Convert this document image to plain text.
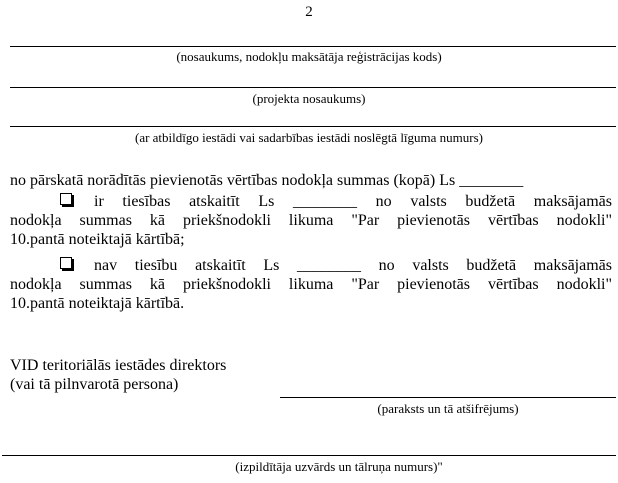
2
(nosaukums, nodokļu maksātāja reģistrācijas kods)
(projekta nosaukums)
(ar atbildīgo iestādi vai sadarbības iestādi noslēgtā līguma numurs)
no pārskatā norādītās pievienotās vērtības nodokļa summas (kopā) Ls ________
ir tiesības atskaitīt Ls ________ no valsts budžetā maksājamās
nodokļa summas kā priekšnodokli likuma "Par pievienotās vērtības nodokli"
10.pantā noteiktajā kārtībā;
nav tiesību atskaitīt Ls ________ no valsts budžetā maksājamās
nodokļa summas kā priekšnodokli likuma "Par pievienotās vērtības nodokli"
10.pantā noteiktajā kārtībā.
VID teritoriālās iestādes direktors
(vai tā pilnvarotā persona)
(paraksts un tā atšifrējums)
(izpildītāja uzvārds un tālruņa numurs)"
